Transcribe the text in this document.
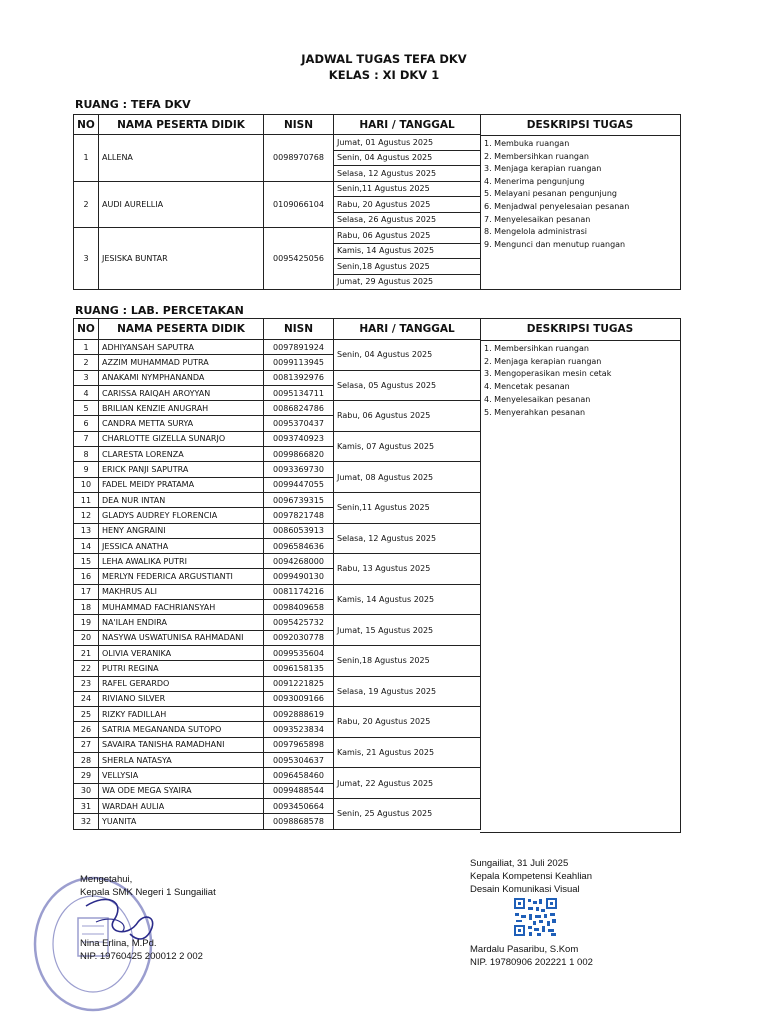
JADWAL TUGAS TEFA DKV
KELAS : XI DKV 1
RUANG : TEFA DKV
NO	NAMA PESERTA DIDIK	NISN	HARI / TANGGAL
1	ALLENA	0098970768	Jumat, 01 Agustus 2025
			Senin, 04 Agustus 2025
			Selasa, 12 Agustus 2025
2	AUDI AURELLIA	0109066104	Senin,11 Agustus 2025
			Rabu, 20 Agustus 2025
			Selasa, 26 Agustus 2025
3	JESISKA BUNTAR	0095425056	Rabu, 06 Agustus 2025
			Kamis, 14 Agustus 2025
			Senin,18 Agustus 2025
			Jumat, 29 Agustus 2025
DESKRIPSI TUGAS
1. Membuka ruangan
2. Membersihkan ruangan
3. Menjaga kerapian ruangan
4. Menerima pengunjung
5. Melayani pesanan pengunjung
6. Menjadwal penyelesaian pesanan
7. Menyelesaikan pesanan
8. Mengelola administrasi
9. Mengunci dan menutup ruangan
RUANG : LAB. PERCETAKAN
NO	NAMA PESERTA DIDIK	NISN	HARI / TANGGAL
1	ADHIYANSAH SAPUTRA	0097891924	Senin, 04 Agustus 2025
2	AZZIM MUHAMMAD PUTRA	0099113945	
3	ANAKAMI NYMPHANANDA	0081392976	Selasa, 05 Agustus 2025
4	CARISSA RAIQAH AROYYAN	0095134711	
5	BRILIAN KENZIE ANUGRAH	0086824786	Rabu, 06 Agustus 2025
6	CANDRA METTA SURYA	0095370437	
7	CHARLOTTE GIZELLA SUNARJO	0093740923	Kamis, 07 Agustus 2025
8	CLARESTA LORENZA	0099866820	
9	ERICK PANJI SAPUTRA	0093369730	Jumat, 08 Agustus 2025
10	FADEL MEIDY PRATAMA	0099447055	
11	DEA NUR INTAN	0096739315	Senin,11 Agustus 2025
12	GLADYS AUDREY FLORENCIA	0097821748	
13	HENY ANGRAINI	0086053913	Selasa, 12 Agustus 2025
14	JESSICA ANATHA	0096584636	
15	LEHA AWALIKA PUTRI	0094268000	Rabu, 13 Agustus 2025
16	MERLYN FEDERICA ARGUSTIANTI	0099490130	
17	MAKHRUS ALI	0081174216	Kamis, 14 Agustus 2025
18	MUHAMMAD FACHRIANSYAH	0098409658	
19	NA'ILAH ENDIRA	0095425732	Jumat, 15 Agustus 2025
20	NASYWA USWATUNISA RAHMADANI	0092030778	
21	OLIVIA VERANIKA	0099535604	Senin,18 Agustus 2025
22	PUTRI REGINA	0096158135	
23	RAFEL GERARDO	0091221825	Selasa, 19 Agustus 2025
24	RIVIANO SILVER	0093009166	
25	RIZKY FADILLAH	0092888619	Rabu, 20 Agustus 2025
26	SATRIA MEGANANDA SUTOPO	0093523834	
27	SAVAIRA TANISHA RAMADHANI	0097965898	Kamis, 21 Agustus 2025
28	SHERLA NATASYA	0095304637	
29	VELLYSIA	0096458460	Jumat, 22 Agustus 2025
30	WA ODE MEGA SYAIRA	0099488544	
31	WARDAH AULIA	0093450664	Senin, 25 Agustus 2025
32	YUANITA	0098868578	
DESKRIPSI TUGAS
1. Membersihkan ruangan
2. Menjaga kerapian ruangan
3. Mengoperasikan mesin cetak
4. Mencetak pesanan
4. Menyelesaikan pesanan
5. Menyerahkan pesanan
Mengetahui,
Kepala SMK Negeri 1 Sungailiat
Nina Erlina, M.Pd.
NIP. 19760425 200012 2 002
Sungailiat, 31 Juli 2025
Kepala Kompetensi Keahlian
Desain Komunikasi Visual
Mardalu Pasaribu, S.Kom
NIP. 19780906 202221 1 002
